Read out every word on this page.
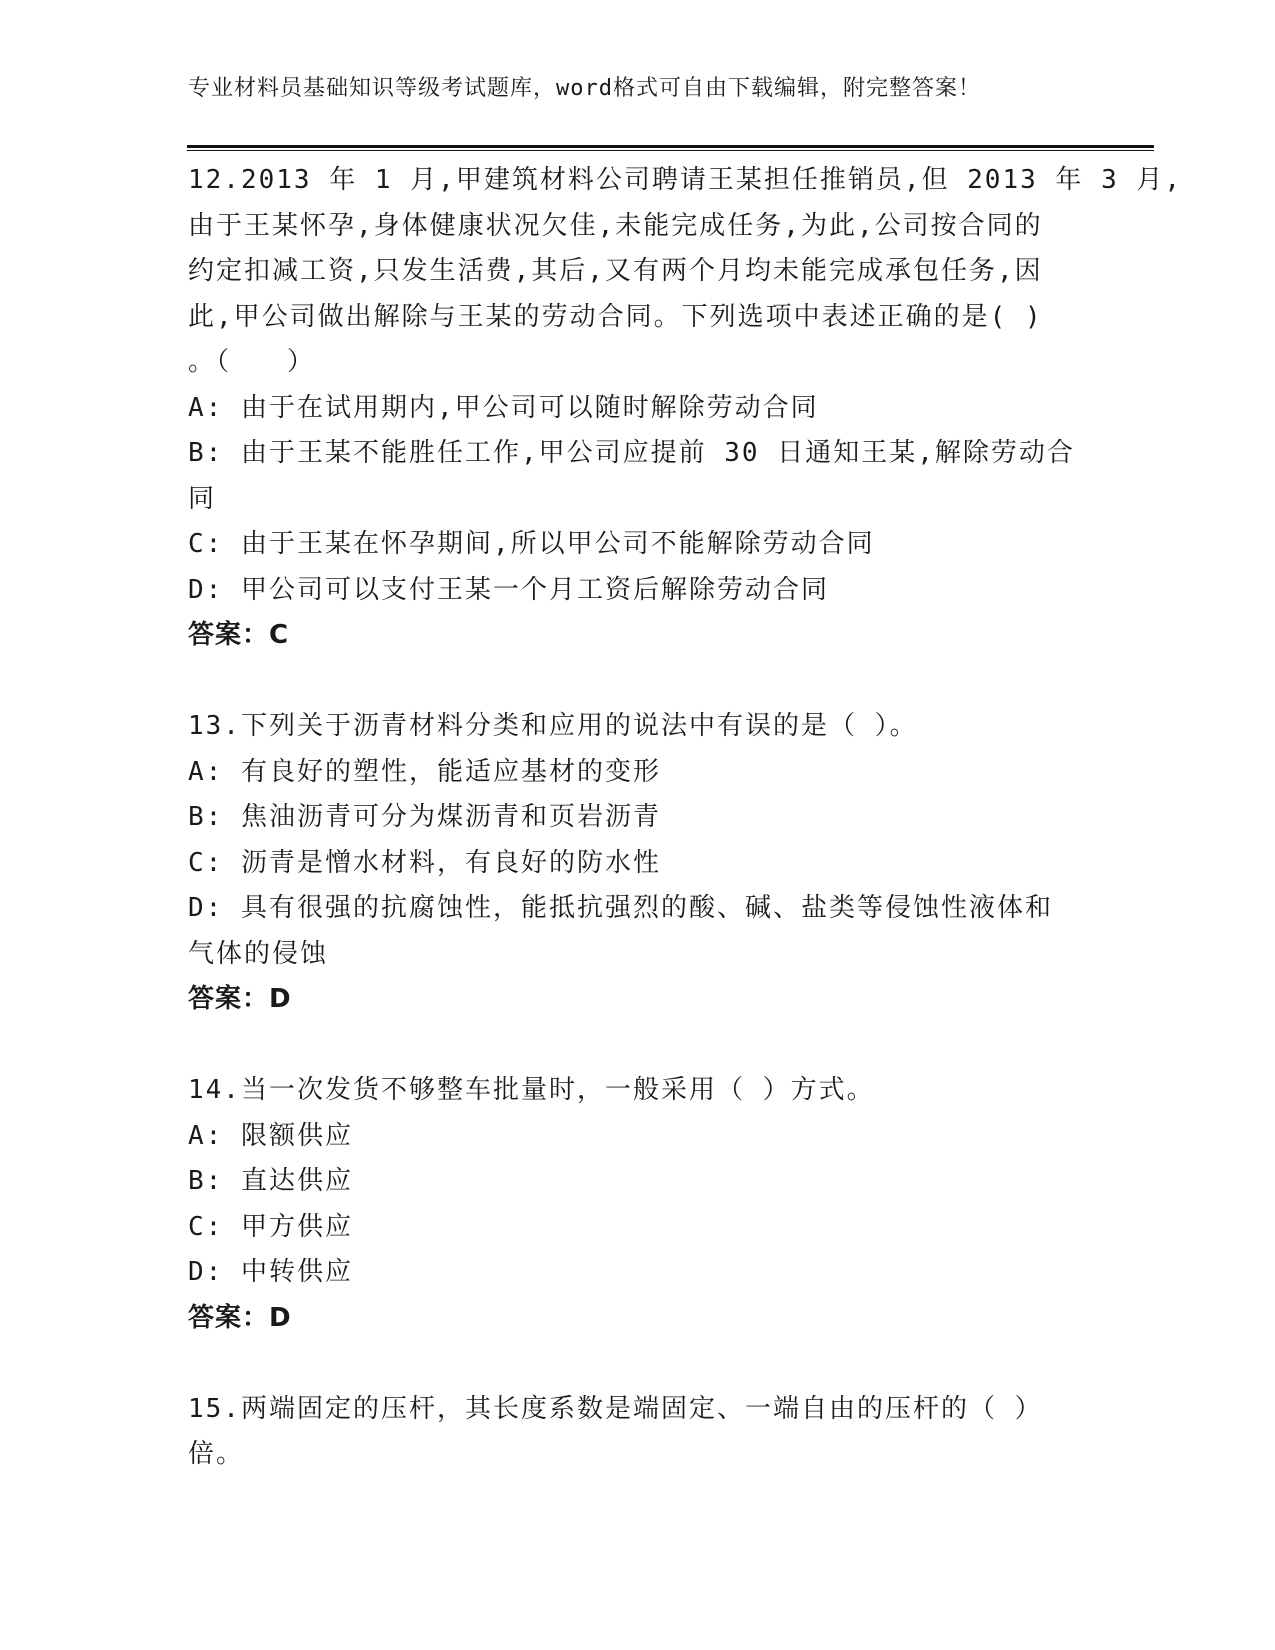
专业材料员基础知识等级考试题库，word格式可自由下载编辑，附完整答案！
12.2013 年 1 月,甲建筑材料公司聘请王某担任推销员,但 2013 年 3 月,
由于王某怀孕,身体健康状况欠佳,未能完成任务,为此,公司按合同的
约定扣减工资,只发生活费,其后,又有两个月均未能完成承包任务,因
此,甲公司做出解除与王某的劳动合同。下列选项中表述正确的是( )
。（　　）
A: 由于在试用期内,甲公司可以随时解除劳动合同
B: 由于王某不能胜任工作,甲公司应提前 30 日通知王某,解除劳动合
同
C: 由于王某在怀孕期间,所以甲公司不能解除劳动合同
D: 甲公司可以支付王某一个月工资后解除劳动合同
答案：C
13.下列关于沥青材料分类和应用的说法中有误的是（ ）。
A: 有良好的塑性，能适应基材的变形
B: 焦油沥青可分为煤沥青和页岩沥青
C: 沥青是憎水材料，有良好的防水性
D: 具有很强的抗腐蚀性，能抵抗强烈的酸、碱、盐类等侵蚀性液体和
气体的侵蚀
答案：D
14.当一次发货不够整车批量时，一般采用（ ）方式。
A: 限额供应
B: 直达供应
C: 甲方供应
D: 中转供应
答案：D
15.两端固定的压杆，其长度系数是端固定、一端自由的压杆的（ ）
倍。
